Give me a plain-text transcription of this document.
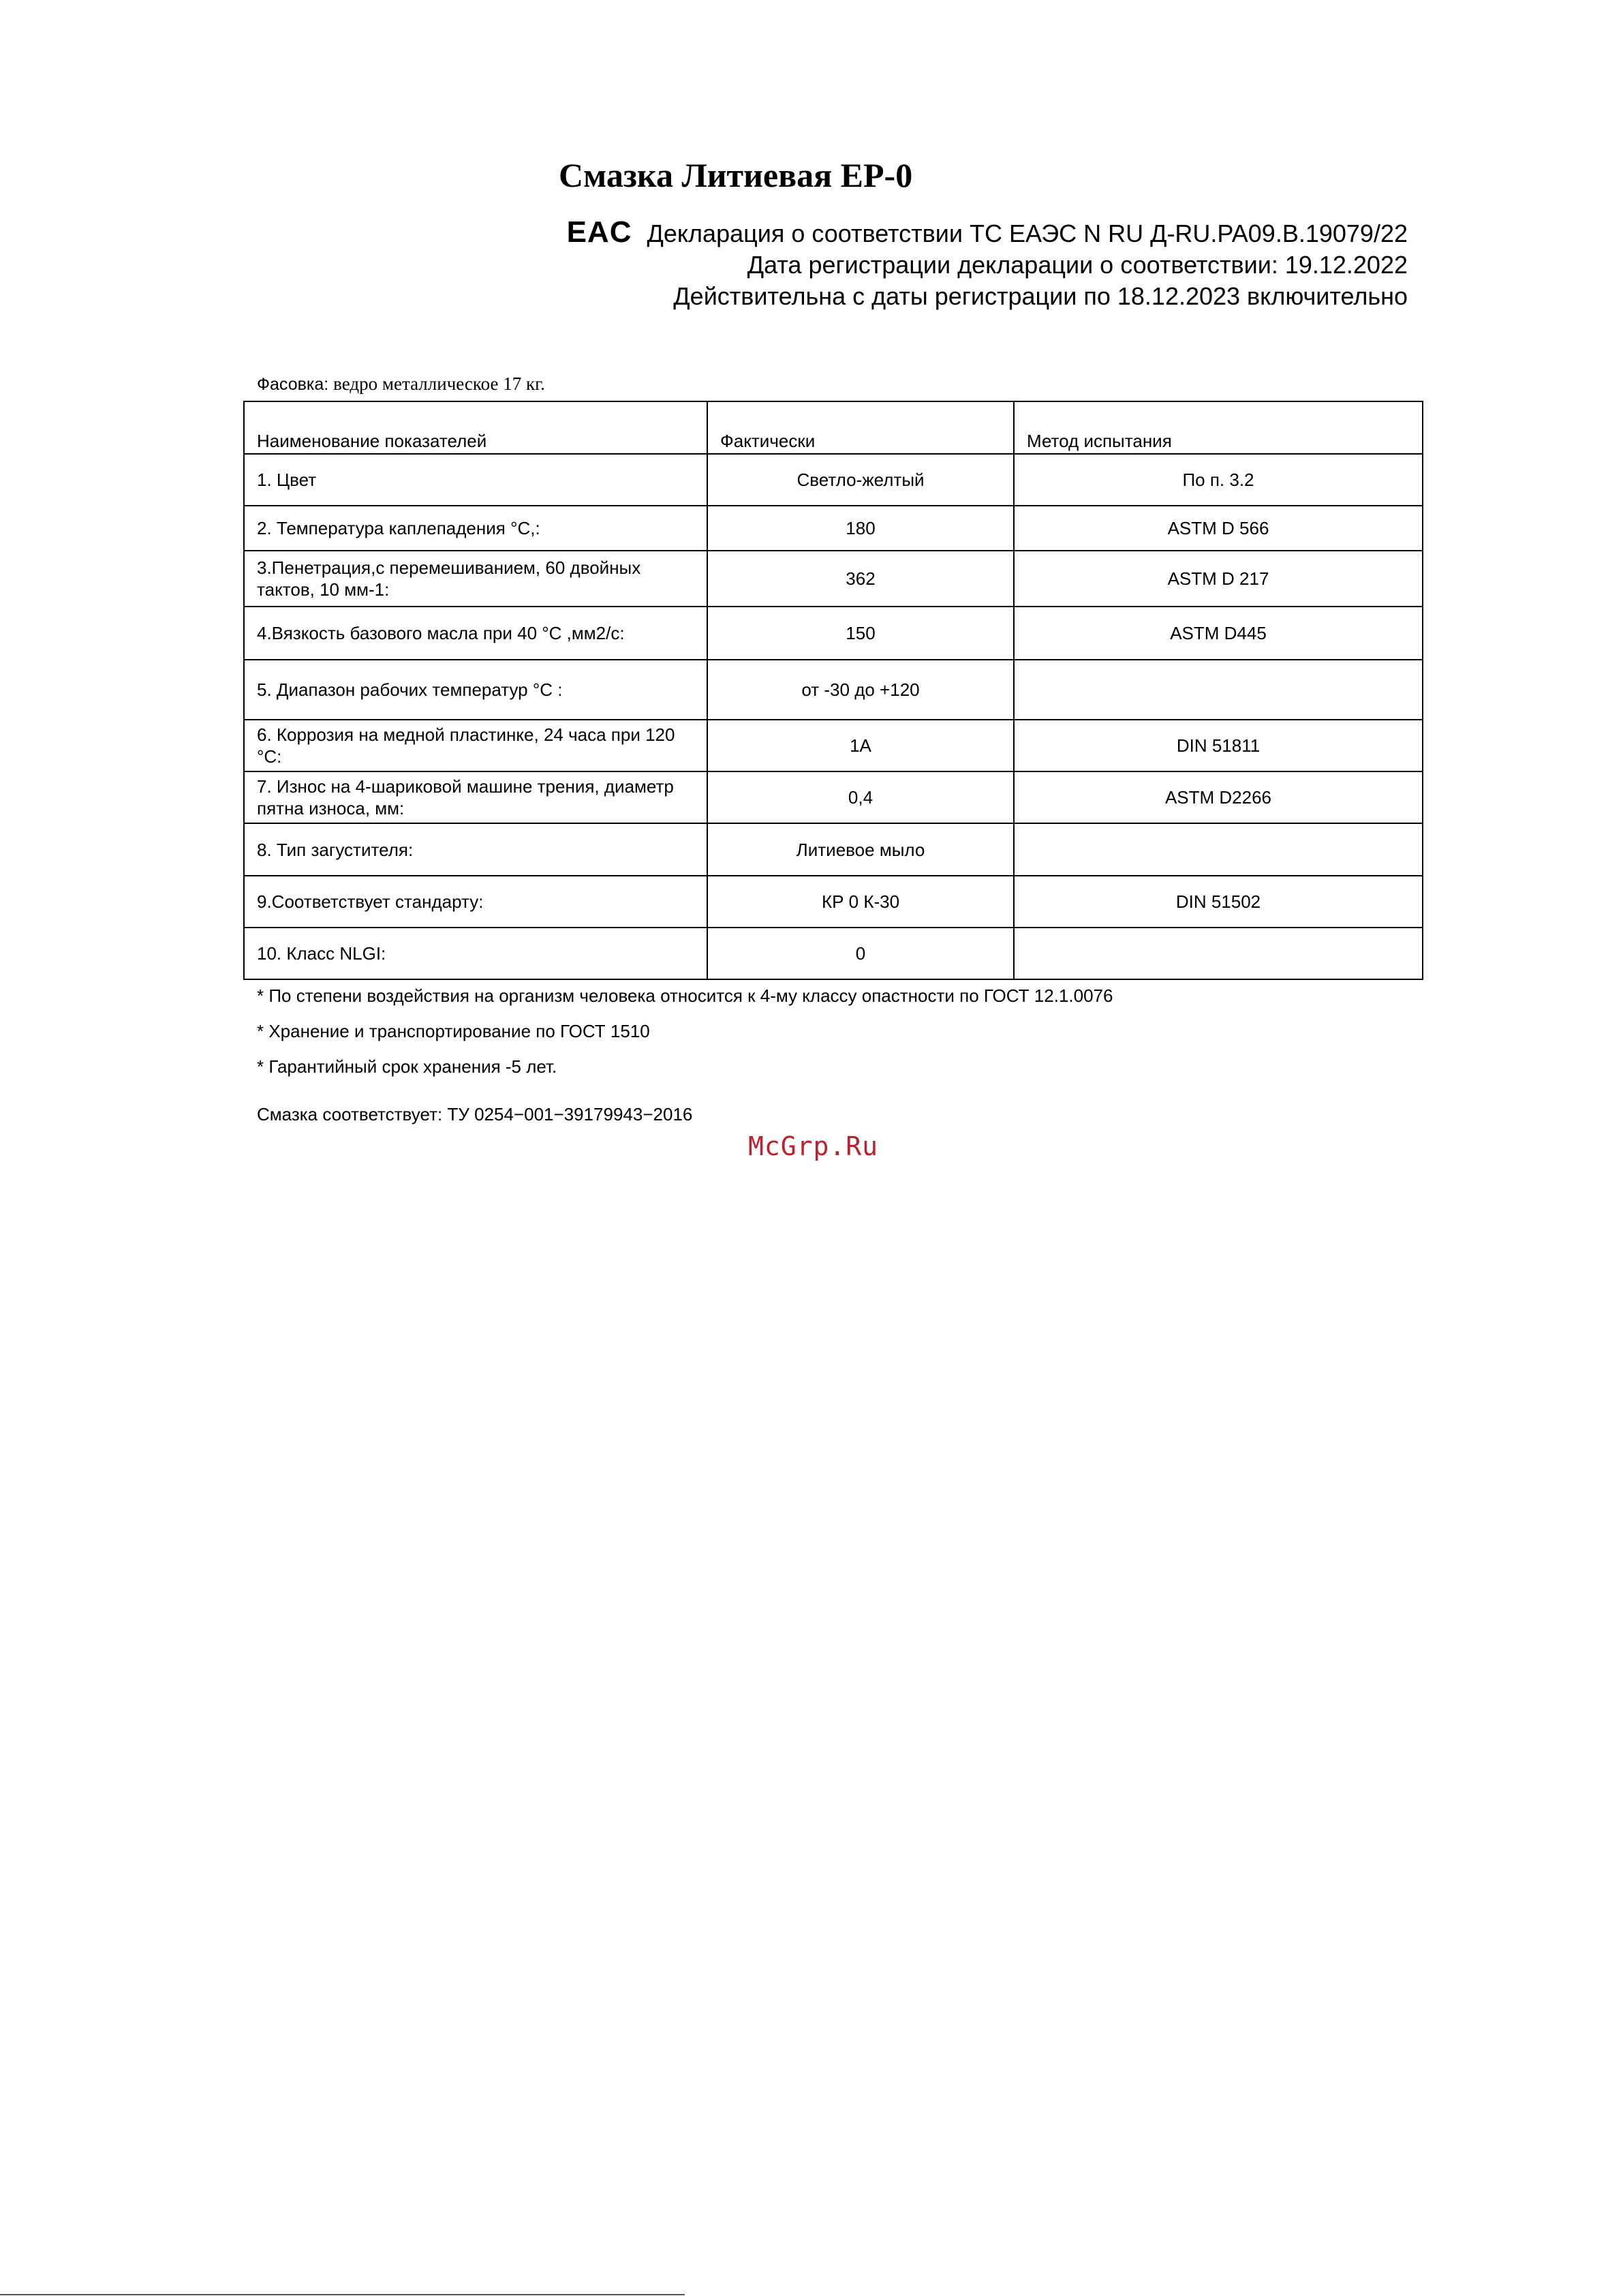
Смазка Литиевая EP-0
EAC Декларация о соответствии ТС ЕАЭС N RU Д-RU.PA09.B.19079/22
Дата регистрации декларации о соответствии: 19.12.2022
Действительна с даты регистрации по 18.12.2023 включительно
Фасовка: ведро металлическое 17 кг.
Наименование показателей	Фактически	Метод испытания
1. Цвет	Светло-желтый	По п. 3.2
2. Температура каплепадения °С,:	180	ASTM D 566
3.Пенетрация,с перемешиванием, 60 двойных тактов, 10 мм-1:	362	ASTM D 217
4.Вязкость базового масла при 40 °С ,мм2/с:	150	ASTM D445
5. Диапазон рабочих температур °С :	от -30 до +120	
6. Коррозия на медной пластинке, 24 часа при 120 °С:	1А	DIN 51811
7. Износ на 4-шариковой машине трения, диаметр пятна износа, мм:	0,4	ASTM D2266
8. Тип загустителя:	Литиевое мыло	
9.Соответствует стандарту:	КР 0 К-30	DIN 51502
10. Класс NLGI:	0	
* По степени воздействия на организм человека относится к 4-му классу опастности по ГОСТ 12.1.0076
* Хранение и транспортирование по ГОСТ 1510
* Гарантийный срок хранения -5 лет.
Смазка соответствует: ТУ 0254−001−39179943−2016
McGrp.Ru
